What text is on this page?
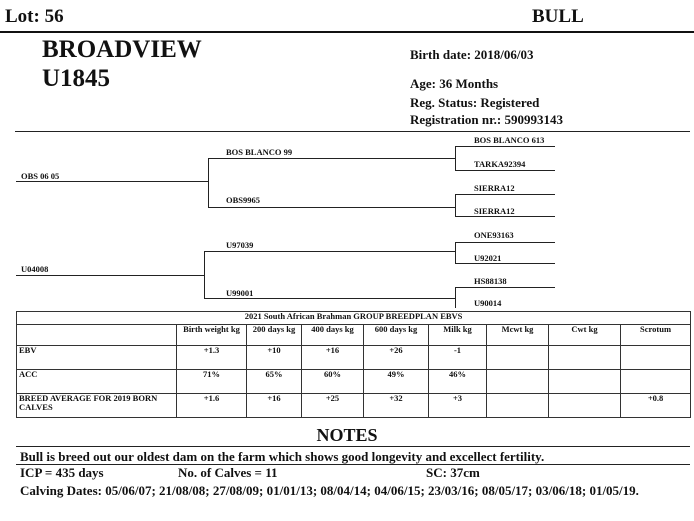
Lot: 56	BULL
BROADVIEW
U1845
Birth date: 2018/06/03
Age: 36 Months
Reg. Status: Registered
Registration nr.: 590993143
OBS 06 05
BOS BLANCO 99
OBS9965
BOS BLANCO 613
TARKA92394
SIERRA12
SIERRA12
U04008
U97039
U99001
ONE93163
U92021
HS88138
U90014
2021 South African Brahman GROUP BREEDPLAN EBVS								
	Birth weight kg	200 days kg	400 days kg	600 days kg	Milk kg	Mcwt kg	Cwt kg	Scrotum
EBV	+1.3	+10	+16	+26	-1			
ACC	71%	65%	60%	49%	46%			
BREED AVERAGE FOR 2019 BORN CALVES	+1.6	+16	+25	+32	+3			+0.8
NOTES
Bull is breed out our oldest dam on the farm which shows good longevity and excellect fertility.
ICP = 435 days	No. of Calves = 11	SC: 37cm
Calving Dates: 05/06/07; 21/08/08; 27/08/09; 01/01/13; 08/04/14; 04/06/15; 23/03/16; 08/05/17; 03/06/18; 01/05/19.
